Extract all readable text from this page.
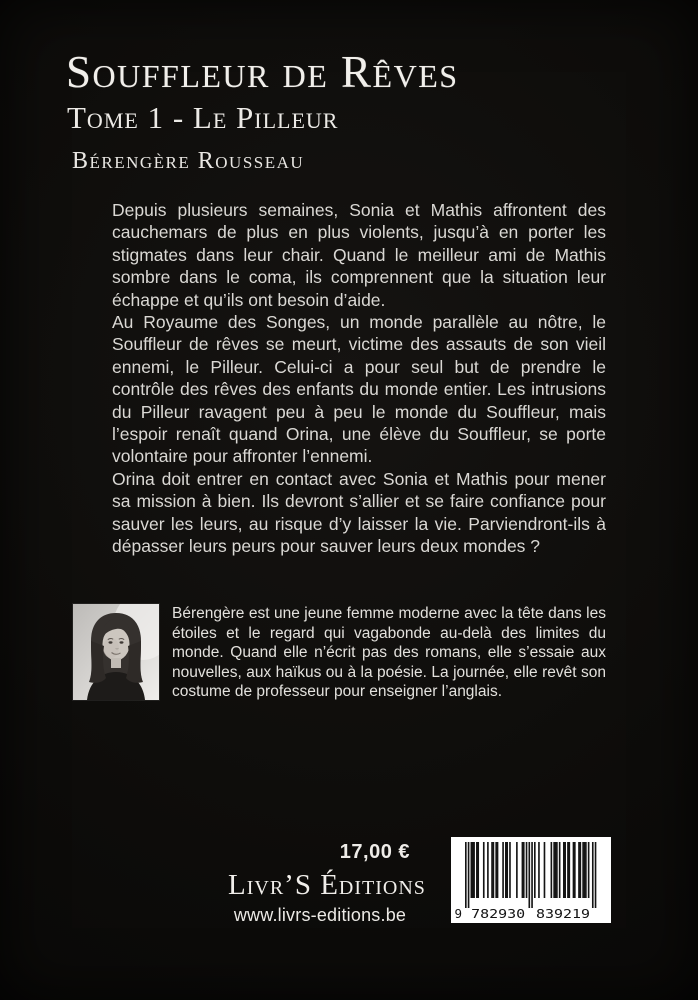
Souffleur de Rêves
Tome 1 - Le Pilleur
Bérengère Rousseau

Depuis plusieurs semaines, Sonia et Mathis affrontent des cauchemars de plus en plus violents, jusqu’à en porter les stigmates dans leur chair. Quand le meilleur ami de Mathis sombre dans le coma, ils comprennent que la situation leur échappe et qu’ils ont besoin d’aide.

Au Royaume des Songes, un monde parallèle au nôtre, le Souffleur de rêves se meurt, victime des assauts de son vieil ennemi, le Pilleur. Celui-ci a pour seul but de prendre le contrôle des rêves des enfants du monde entier. Les intrusions du Pilleur ravagent peu à peu le monde du Souffleur, mais l’espoir renaît quand Orina, une élève du Souffleur, se porte volontaire pour affronter l’ennemi.

Orina doit entrer en contact avec Sonia et Mathis pour mener sa mission à bien. Ils devront s’allier et se faire confiance pour sauver les leurs, au risque d’y laisser la vie. Parviendront-ils à dépasser leurs peurs pour sauver leurs deux mondes ?

Bérengère est une jeune femme moderne avec la tête dans les étoiles et le regard qui vagabonde au-delà des limites du monde. Quand elle n’écrit pas des romans, elle s’essaie aux nouvelles, aux haïkus ou à la poésie. La journée, elle revêt son costume de professeur pour enseigner l’anglais.
17,00 €
Livr’S Éditions
www.livrs-editions.be	9 782930 839219
